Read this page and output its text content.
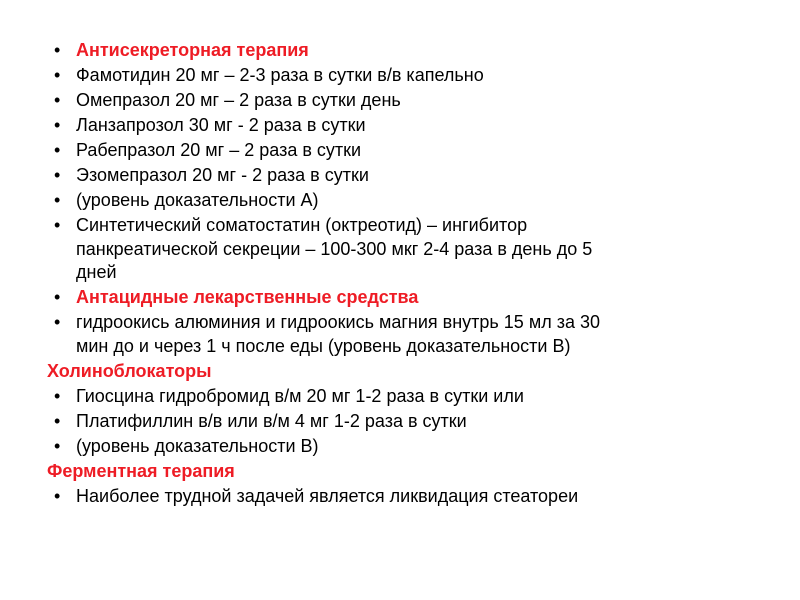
• Антисекреторная терапия
• Фамотидин 20 мг – 2-3 раза в сутки в/в капельно
• Омепразол 20 мг – 2 раза в сутки день
• Ланзапрозол 30 мг - 2 раза в сутки
• Рабепразол 20 мг – 2 раза в сутки
• Эзомепразол 20 мг - 2 раза в сутки
• (уровень доказательности А)
• Синтетический соматостатин (октреотид) – ингибитор
панкреатической секреции – 100-300 мкг 2-4 раза в день до 5
дней
• Антацидные лекарственные средства
• гидроокись алюминия и гидроокись магния внутрь 15 мл за 30
мин до и через 1 ч после еды (уровень доказательности В)
Холиноблокаторы
• Гиосцина гидробромид в/м 20 мг 1-2 раза в сутки или
• Платифиллин в/в или в/м 4 мг 1-2 раза в сутки
• (уровень доказательности В)
Ферментная терапия
• Наиболее трудной задачей является ликвидация стеатореи
